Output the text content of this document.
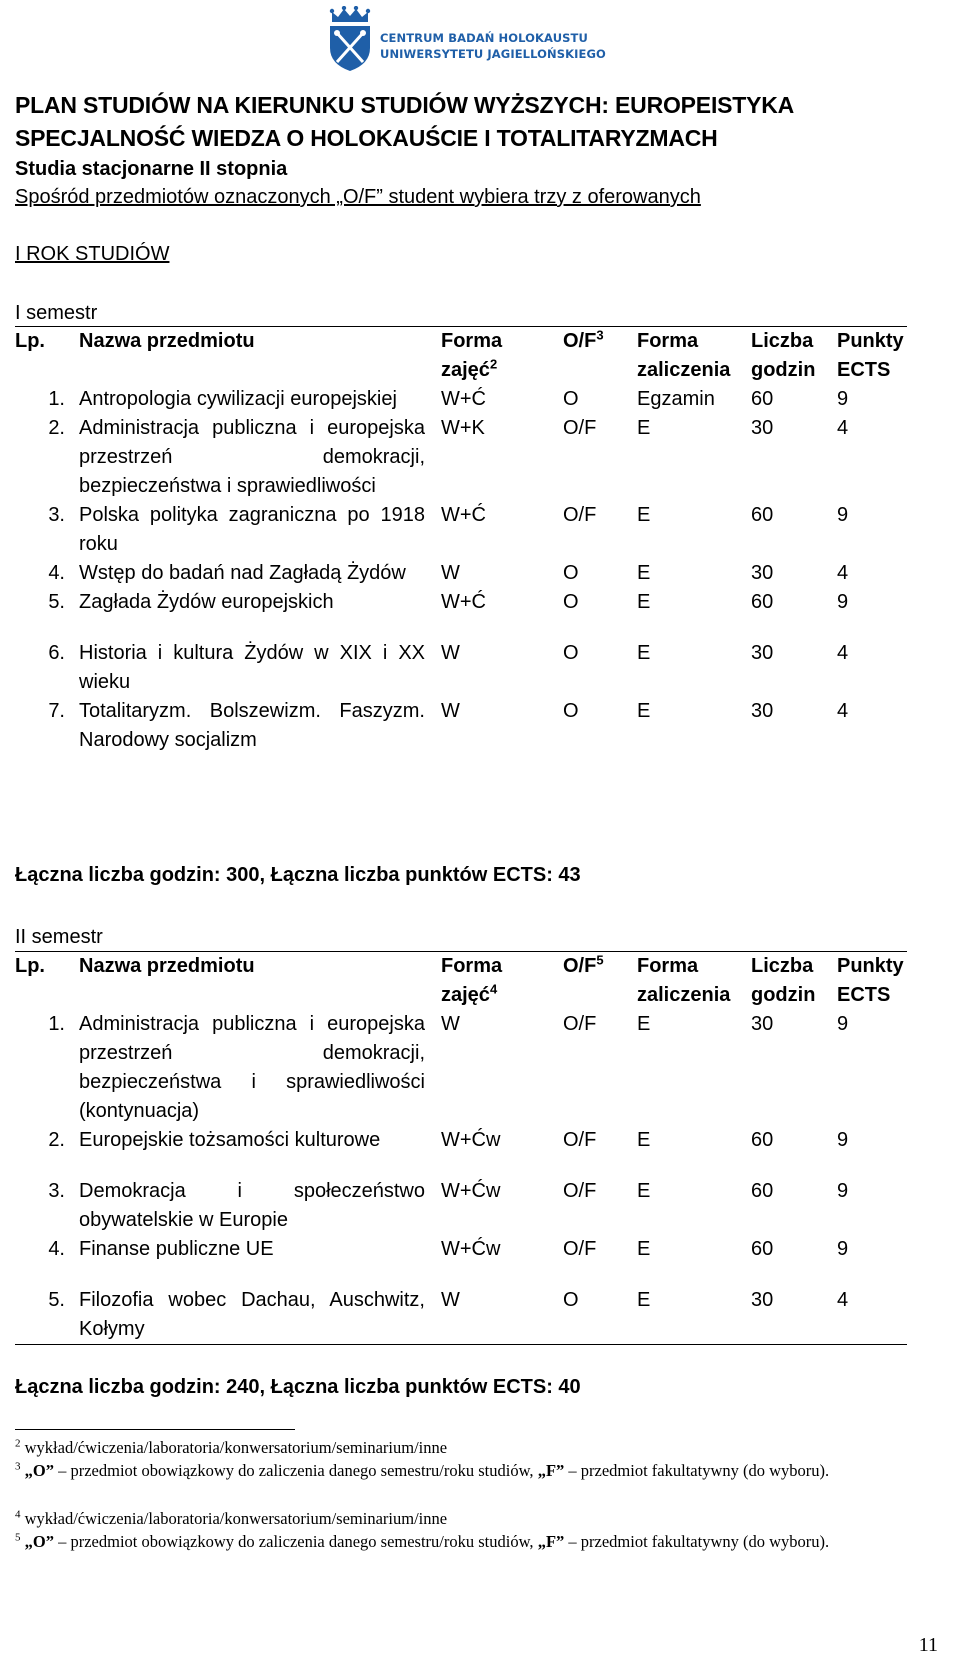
CENTRUM BADAŃ HOLOKAUSTU
UNIWERSYTETU JAGIELLOŃSKIEGO
PLAN STUDIÓW NA KIERUNKU STUDIÓW WYŻSZYCH: EUROPEISTYKA
SPECJALNOŚĆ WIEDZA O HOLOKAUŚCIE I TOTALITARYZMACH
Studia stacjonarne II stopnia
Spośród przedmiotów oznaczonych „O/F” student wybiera trzy z oferowanych
I ROK STUDIÓW
I semestr
Lp.	Nazwa przedmiotu	Forma zajęć$^2$	$O/F^3$	Forma zaliczenia	Liczba godzin	Punkty ECTS
1.	Antropologia cywilizacji europejskiej	W+Ć	O	Egzamin	60	9
2.	Administracja publiczna i europejska przestrzeń demokracji, bezpieczeństwa i sprawiedliwości	W+K	O/F	E	30	4
3.	Polska polityka zagraniczna po 1918 roku	W+Ć	O/F	E	60	9
4.	Wstęp do badań nad Zagładą Żydów	W	O	E	30	4
5.	Zagłada Żydów europejskich	W+Ć	O	E	60	9

6.	Historia i kultura Żydów w XIX i XX wieku	W	O	E	30	4
7.	Totalitaryzm. Bolszewizm. Faszyzm. Narodowy socjalizm	W	O	E	30	4
Łączna liczba godzin: 300, Łączna liczba punktów ECTS: 43
II semestr
Lp.	Nazwa przedmiotu	Forma zajęć$^4$	$O/F^5$	Forma zaliczenia	Liczba godzin	Punkty ECTS
1.	Administracja publiczna i europejska przestrzeń demokracji, bezpieczeństwa i sprawiedliwości (kontynuacja)	W	O/F	E	30	9
2.	Europejskie tożsamości kulturowe	W+Ćw	O/F	E	60	9

3.	Demokracja i społeczeństwo obywatelskie w Europie	W+Ćw	O/F	E	60	9
4.	Finanse publiczne UE	W+Ćw	O/F	E	60	9

5.	Filozofia wobec Dachau, Auschwitz, Kołymy	W	O	E	30	4
Łączna liczba godzin: 240, Łączna liczba punktów ECTS: 40
$^2$ wykład/ćwiczenia/laboratoria/konwersatorium/seminarium/inne
$^3$ „O” – przedmiot obowiązkowy do zaliczenia danego semestru/roku studiów, „F” – przedmiot fakultatywny (do wyboru).
$^4$ wykład/ćwiczenia/laboratoria/konwersatorium/seminarium/inne
$^5$ „O” – przedmiot obowiązkowy do zaliczenia danego semestru/roku studiów, „F” – przedmiot fakultatywny (do wyboru).
11
